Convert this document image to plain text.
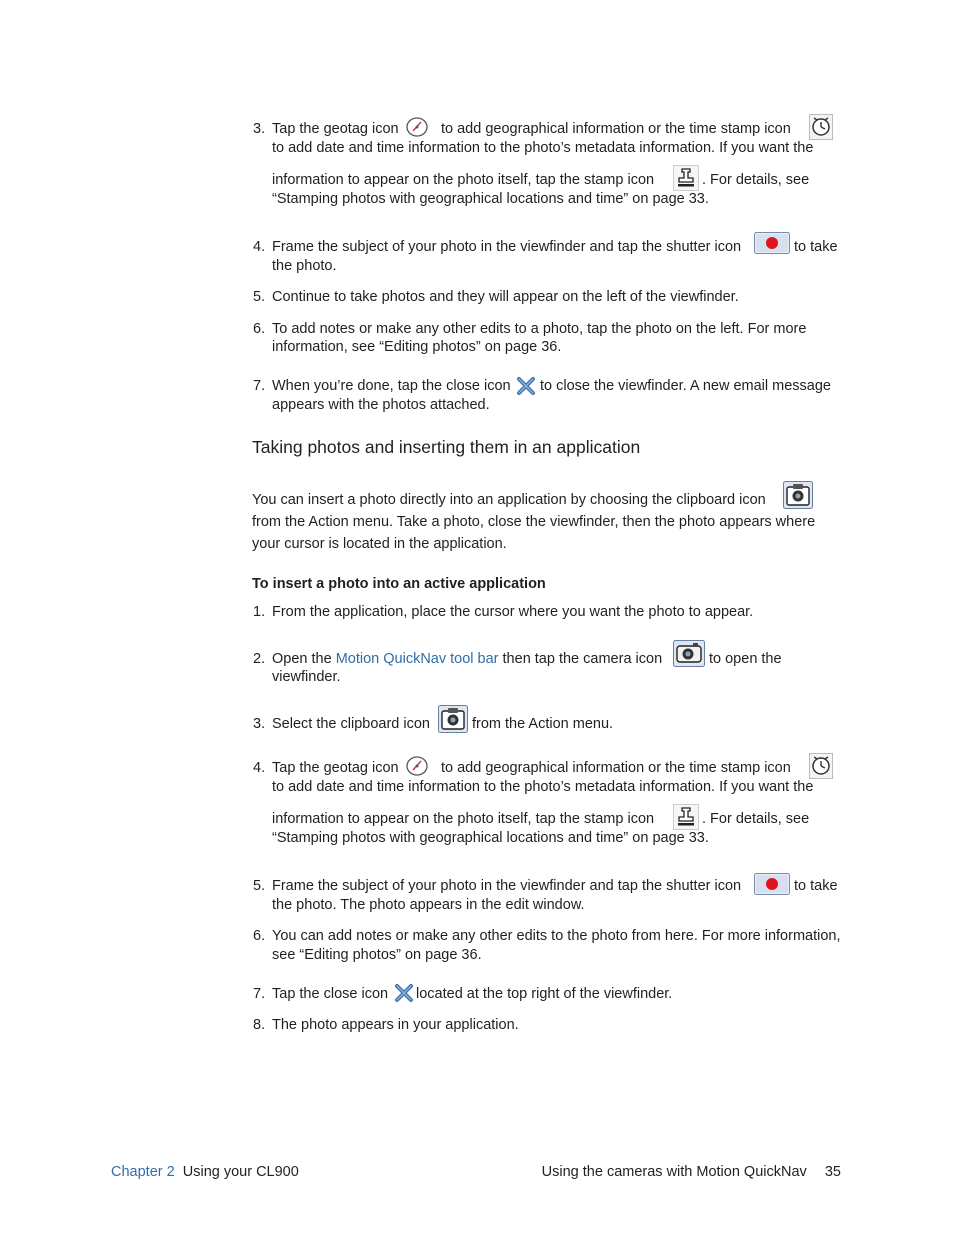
3. Tap the geotag icon	to add geographical information or the time stamp icon
to add date and time information to the photo’s metadata information. If you want the
information to appear on the photo itself, tap the stamp icon	. For details, see
“Stamping photos with geographical locations and time” on page 33.
4. Frame the subject of your photo in the viewfinder and tap the shutter icon	to take
the photo.
5. Continue to take photos and they will appear on the left of the viewfinder.
6. To add notes or make any other edits to a photo, tap the photo on the left. For more
information, see “Editing photos” on page 36.
7. When you’re done, tap the close icon to close the viewfinder. A new email message
appears with the photos attached.
Taking photos and inserting them in an application
You can insert a photo directly into an application by choosing the clipboard icon
from the Action menu. Take a photo, close the viewfinder, then the photo appears where
your cursor is located in the application.
To insert a photo into an active application
1. From the application, place the cursor where you want the photo to appear.
2. Open the Motion QuickNav tool bar then tap the camera icon	to open the
viewfinder.
3. Select the clipboard icon	from the Action menu.
4. Tap the geotag icon	to add geographical information or the time stamp icon
to add date and time information to the photo’s metadata information. If you want the
information to appear on the photo itself, tap the stamp icon	. For details, see
“Stamping photos with geographical locations and time” on page 33.
5. Frame the subject of your photo in the viewfinder and tap the shutter icon	to take
the photo. The photo appears in the edit window.
6. You can add notes or make any other edits to the photo from here. For more information,
see “Editing photos” on page 36.
7. Tap the close icon located at the top right of the viewfinder.
8. The photo appears in your application.
Chapter 2 Using your CL900	Using the cameras with Motion QuickNav 35
